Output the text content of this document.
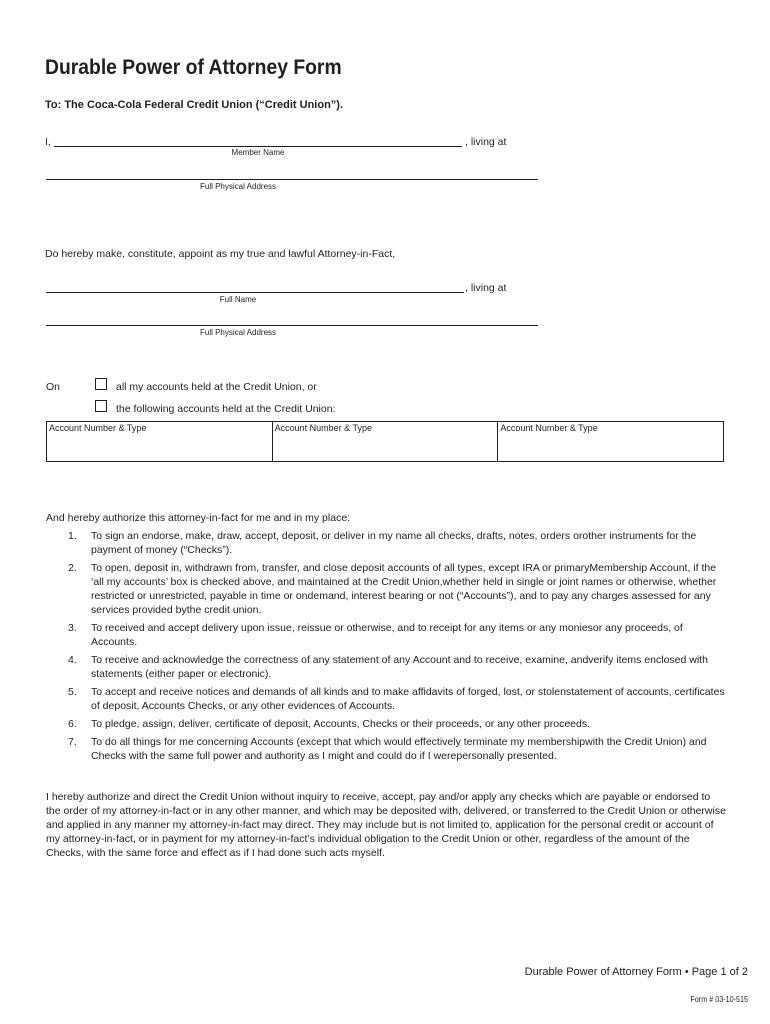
Durable Power of Attorney Form
To: The Coca-Cola Federal Credit Union (“Credit Union”).
I,	, living at
Member Name
Full Physical Address
Do hereby make, constitute, appoint as my true and lawful Attorney-in-Fact,
, living at
Full Name
Full Physical Address
On	all my accounts held at the Credit Union, or
the following accounts held at the Credit Union:
Account Number & Type	Account Number & Type	Account Number & Type
And hereby authorize this attorney-in-fact for me and in my place:
1. To sign an endorse, make, draw, accept, deposit, or deliver in my name all checks, drafts, notes, orders orother instruments for the payment of money (“Checks”).
2. To open, deposit in, withdrawn from, transfer, and close deposit accounts of all types, except IRA or primaryMembership Account, if the ‘all my accounts’ box is checked above, and maintained at the Credit Union,whether held in single or joint names or otherwise, whether restricted or unrestricted, payable in time or ondemand, interest bearing or not (“Accounts”), and to pay any charges assessed for any services provided bythe credit union.
3. To received and accept delivery upon issue, reissue or otherwise, and to receipt for any items or any moniesor any proceeds, of Accounts.
4. To receive and acknowledge the correctness of any statement of any Account and to receive, examine, andverify items enclosed with statements (either paper or electronic).
5. To accept and receive notices and demands of all kinds and to make affidavits of forged, lost, or stolenstatement of accounts, certificates of deposit, Accounts Checks, or any other evidences of Accounts.
6. To pledge, assign, deliver, certificate of deposit, Accounts, Checks or their proceeds, or any other proceeds.
7. To do all things for me concerning Accounts (except that which would effectively terminate my membershipwith the Credit Union) and Checks with the same full power and authority as I might and could do if I werepersonally presented.
I hereby authorize and direct the Credit Union without inquiry to receive, accept, pay and/or apply any checks which are payable or endorsed to the order of my attorney-in-fact or in any other manner, and which may be deposited with, delivered, or transferred to the Credit Union or otherwise and applied in any manner my attorney-in-fact may direct. They may include but is not limited to, application for the personal credit or account of my attorney-in-fact, or in payment for my attorney-in-fact’s individual obligation to the Credit Union or other, regardless of the amount of the Checks, with the same force and effect as if I had done such acts myself.
Durable Power of Attorney Form • Page 1 of 2
Form # 03-10-515
